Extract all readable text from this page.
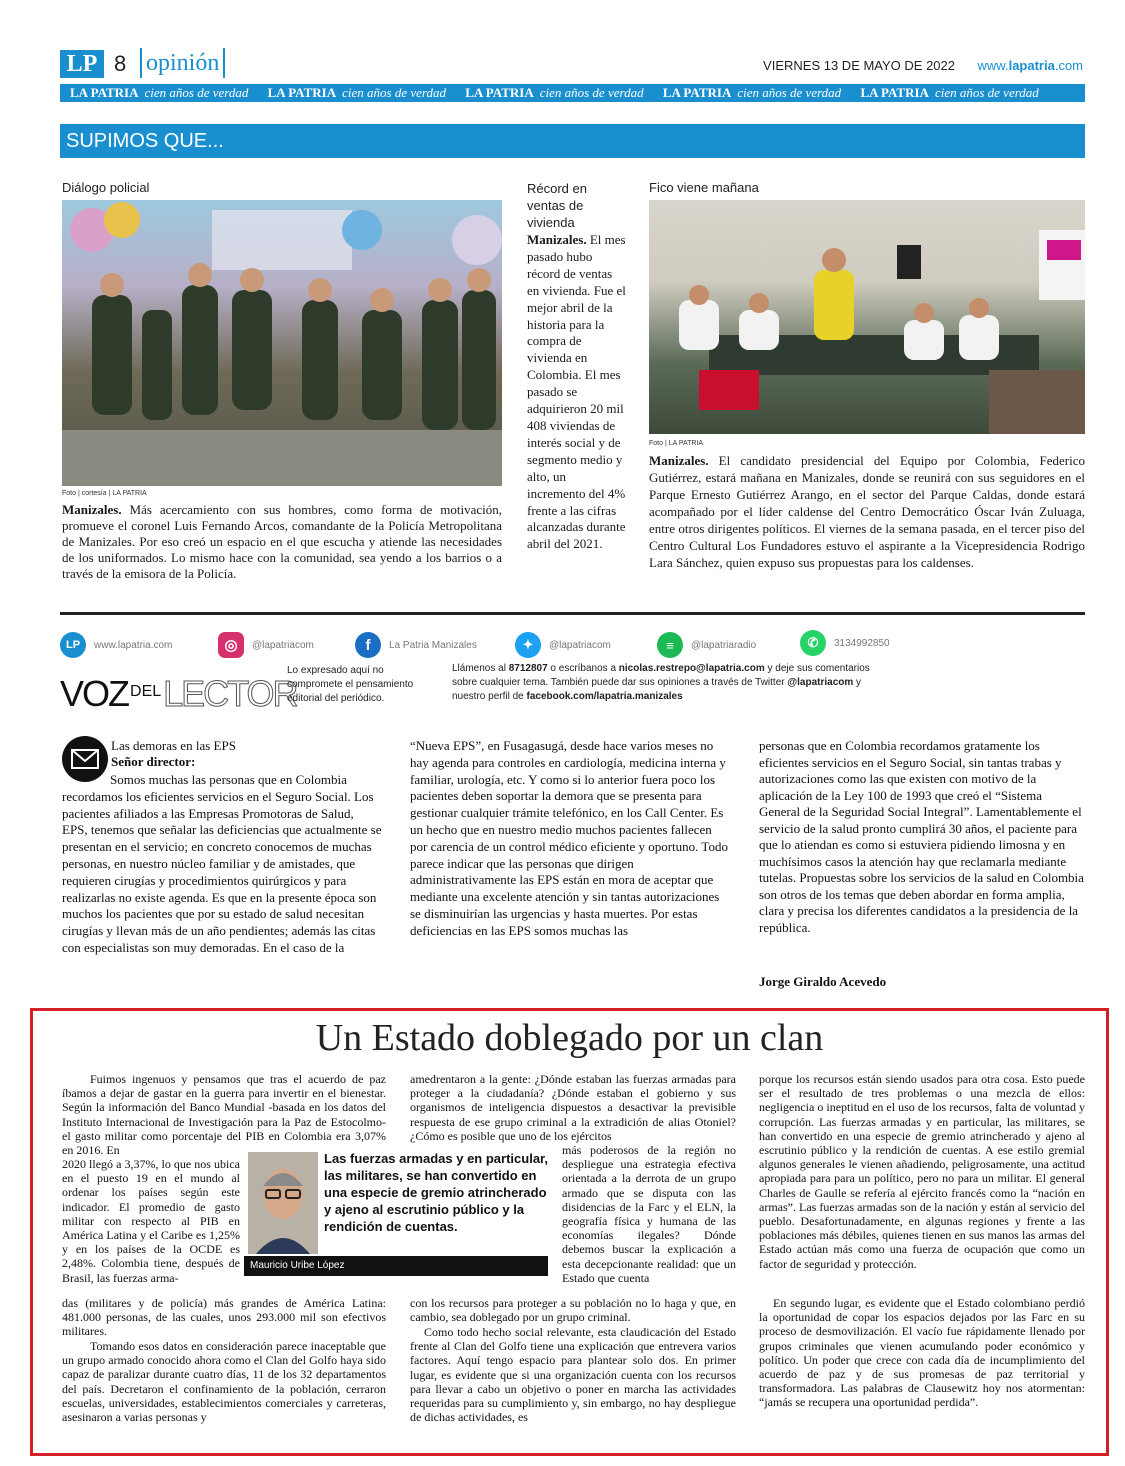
LP 8 opinión	VIERNES 13 DE MAYO DE 2022 www.lapatria.com
LA PATRIA cien años de verdad LA PATRIA cien años de verdad LA PATRIA cien años de verdad LA PATRIA cien años de verdad LA PATRIA cien años de verdad
SUPIMOS QUE...
Diálogo policial
Foto | cortesía | LA PATRIA
Manizales. Más acercamiento con sus hombres, como forma de motivación, promueve el coronel Luis Fernando Arcos, comandante de la Policía Metropolitana de Manizales. Por eso creó un espacio en el que escucha y atiende las necesidades de los uniformados. Lo mismo hace con la comunidad, sea yendo a los barrios o a través de la emisora de la Policía.
Récord en ventas de vivienda
Manizales. El mes pasado hubo récord de ventas en vivienda. Fue el mejor abril de la historia para la compra de vivienda en Colombia. El mes pasado se adquirieron 20 mil 408 viviendas de interés social y de segmento medio y alto, un incremento del 4% frente a las cifras alcanzadas durante abril del 2021.
Fico viene mañana
Foto | LA PATRIA
Manizales. El candidato presidencial del Equipo por Colombia, Federico Gutiérrez, estará mañana en Manizales, donde se reunirá con sus seguidores en el Parque Ernesto Gutiérrez Arango, en el sector del Parque Caldas, donde estará acompañado por el líder caldense del Centro Democrático Óscar Iván Zuluaga, entre otros dirigentes políticos. El viernes de la semana pasada, en el tercer piso del Centro Cultural Los Fundadores estuvo el aspirante a la Vicepresidencia Rodrigo Lara Sánchez, quien expuso sus propuestas para los caldenses.
LP	www.lapatria.com	◎	@lapatriacom	f	La Patria Manizales	✦	@lapatriacom	≡	@lapatriaradio	✆	3134992850
VOZ $^{DEL}$LECTOR
Lo expresado aquí no compromete el pensamiento editorial del periódico.
Llámenos al 8712807 o escríbanos a nicolas.restrepo@lapatria.com y deje sus comentarios sobre cualquier tema. También puede dar sus opiniones a través de Twitter @lapatriacom y nuestro perfil de facebook.com/lapatria.manizales
Las demoras en las EPS
Señor director:
Somos muchas las personas que en Colombia recordamos los eficientes servicios en el Seguro Social. Los pacientes afiliados a las Empresas Promotoras de Salud, EPS, tenemos que señalar las deficiencias que actualmente se presentan en el servicio; en concreto conocemos de muchas personas, en nuestro núcleo familiar y de amistades, que requieren cirugías y procedimientos quirúrgicos y para realizarlas no existe agenda. Es que en la presente época son muchos los pacientes que por su estado de salud necesitan cirugías y llevan más de un año pendientes; además las citas con especialistas son muy demoradas. En el caso de la
“Nueva EPS”, en Fusagasugá, desde hace varios meses no hay agenda para controles en cardiología, medicina interna y familiar, urología, etc. Y como si lo anterior fuera poco los pacientes deben soportar la demora que se presenta para gestionar cualquier trámite telefónico, en los Call Center. Es un hecho que en nuestro medio muchos pacientes fallecen por carencia de un control médico eficiente y oportuno. Todo parece indicar que las personas que dirigen administrativamente las EPS están en mora de aceptar que mediante una excelente atención y sin tantas autorizaciones se disminuirían las urgencias y hasta muertes. Por estas deficiencias en las EPS somos muchas las
personas que en Colombia recordamos gratamente los eficientes servicios en el Seguro Social, sin tantas trabas y autorizaciones como las que existen con motivo de la aplicación de la Ley 100 de 1993 que creó el “Sistema General de la Seguridad Social Integral”. Lamentablemente el servicio de la salud pronto cumplirá 30 años, el paciente para que lo atiendan es como si estuviera pidiendo limosna y en muchísimos casos la atención hay que reclamarla mediante tutelas. Propuestas sobre los servicios de la salud en Colombia son otros de los temas que deben abordar en forma amplia, clara y precisa los diferentes candidatos a la presidencia de la república.
Jorge Giraldo Acevedo
Un Estado doblegado por un clan
Fuimos ingenuos y pensamos que tras el acuerdo de paz íbamos a dejar de gastar en la guerra para invertir en el bienestar. Según la información del Banco Mundial -basada en los datos del Instituto Internacional de Investigación para la Paz de Estocolmo- el gasto militar como porcentaje del PIB en Colombia era 3,07% en 2016. En
2020 llegó a 3,37%, lo que nos ubica en el puesto 19 en el mundo al ordenar los países según este indicador. El promedio de gasto militar con respecto al PIB en América Latina y el Caribe es 1,25% y en los países de la OCDE es 2,48%. Colombia tiene, después de Brasil, las fuerzas arma-
das (militares y de policía) más grandes de América Latina: 481.000 personas, de las cuales, unos 293.000 mil son efectivos militares.
Tomando esos datos en consideración parece inaceptable que un grupo armado conocido ahora como el Clan del Golfo haya sido capaz de paralizar durante cuatro días, 11 de los 32 departamentos del país. Decretaron el confinamiento de la población, cerraron escuelas, universidades, establecimientos comerciales y carreteras, asesinaron a varias personas y
amedrentaron a la gente: ¿Dónde estaban las fuerzas armadas para proteger a la ciudadanía? ¿Dónde estaban el gobierno y sus organismos de inteligencia dispuestos a desactivar la previsible respuesta de ese grupo criminal a la extradición de alias Otoniel? ¿Cómo es posible que uno de los ejércitos
más poderosos de la región no despliegue una estrategia efectiva orientada a la derrota de un grupo armado que se disputa con las disidencias de la Farc y el ELN, la geografía física y humana de las economías ilegales? Dónde debemos buscar la explicación a esta decepcionante realidad: que un Estado que cuenta
con los recursos para proteger a su población no lo haga y que, en cambio, sea doblegado por un grupo criminal.
Como todo hecho social relevante, esta claudicación del Estado frente al Clan del Golfo tiene una explicación que entrevera varios factores. Aquí tengo espacio para plantear solo dos. En primer lugar, es evidente que si una organización cuenta con los recursos para llevar a cabo un objetivo o poner en marcha las actividades requeridas para su cumplimiento y, sin embargo, no hay despliegue de dichas actividades, es
porque los recursos están siendo usados para otra cosa. Esto puede ser el resultado de tres problemas o una mezcla de ellos: negligencia o ineptitud en el uso de los recursos, falta de voluntad y corrupción. Las fuerzas armadas y en particular, las militares, se han convertido en una especie de gremio atrincherado y ajeno al escrutinio público y la rendición de cuentas. A ese estilo gremial algunos generales le vienen añadiendo, peligrosamente, una actitud apropiada para para un político, pero no para un militar. El general Charles de Gaulle se refería al ejército francés como la “nación en armas”. Las fuerzas armadas son de la nación y están al servicio del pueblo. Desafortunadamente, en algunas regiones y frente a las poblaciones más débiles, quienes tienen en sus manos las armas del Estado actúan más como una fuerza de ocupación que como un factor de seguridad y protección.
En segundo lugar, es evidente que el Estado colombiano perdió la oportunidad de copar los espacios dejados por las Farc en su proceso de desmovilización. El vacío fue rápidamente llenado por grupos criminales que vienen acumulando poder económico y político. Un poder que crece con cada día de incumplimiento del acuerdo de paz y de sus promesas de paz territorial y transformadora. Las palabras de Clausewitz hoy nos atormentan: “jamás se recupera una oportunidad perdida”.
Las fuerzas armadas y en particular, las militares, se han convertido en una especie de gremio atrincherado y ajeno al escrutinio público y la rendición de cuentas.
Mauricio Uribe López
